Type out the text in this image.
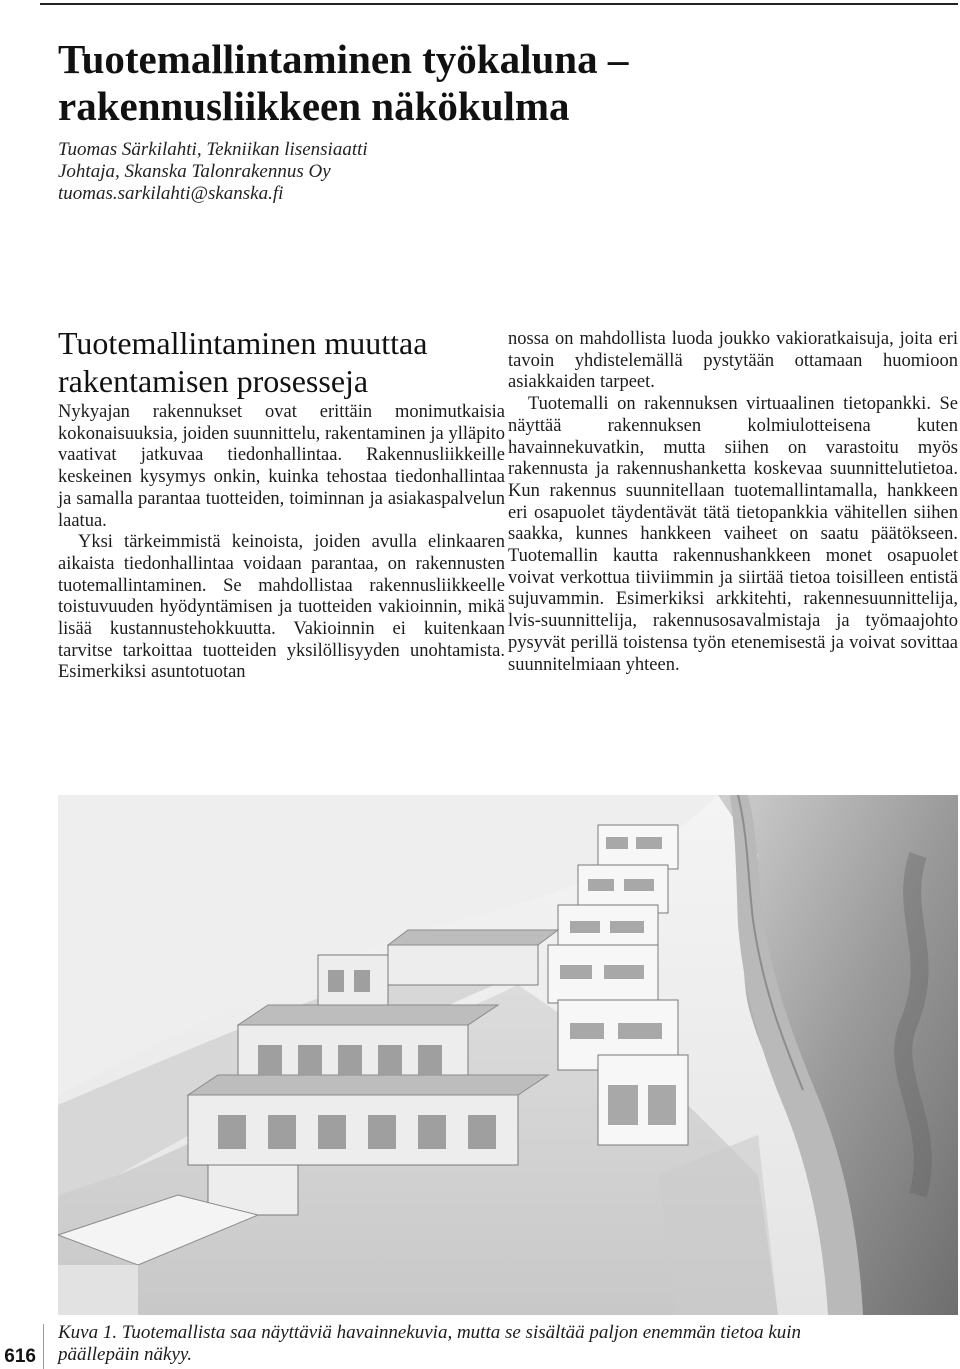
Tuotemallintaminen työkaluna –
rakennusliikkeen näkökulma
Tuomas Särkilahti, Tekniikan lisensiaatti
Johtaja, Skanska Talonrakennus Oy
tuomas.sarkilahti@skanska.fi
Tuotemallintaminen muuttaa
rakentamisen prosesseja

Nykyajan rakennukset ovat erittäin monimutkaisia kokonaisuuksia, joiden suunnittelu, rakentaminen ja ylläpito vaativat jatkuvaa tiedonhallintaa. Rakennusliikkeille keskeinen kysymys onkin, kuinka tehostaa tiedonhallintaa ja samalla parantaa tuotteiden, toiminnan ja asiakaspalvelun laatua.

Yksi tärkeimmistä keinoista, joiden avulla elinkaaren aikaista tiedonhallintaa voidaan parantaa, on rakennusten tuotemallintaminen. Se mahdollistaa rakennusliikkeelle toistuvuuden hyödyntämisen ja tuotteiden vakioinnin, mikä lisää kustannustehokkuutta. Vakioinnin ei kuitenkaan tarvitse tarkoittaa tuotteiden yksilöllisyyden unohtamista. Esimerkiksi asuntotuotan

nossa on mahdollista luoda joukko vakioratkaisuja, joita eri tavoin yhdistelemällä pystytään ottamaan huomioon asiakkaiden tarpeet.

Tuotemalli on rakennuksen virtuaalinen tietopankki. Se näyttää rakennuksen kolmiulotteisena kuten havainnekuvatkin, mutta siihen on varastoitu myös rakennusta ja rakennushanketta koskevaa suunnittelutietoa. Kun rakennus suunnitellaan tuotemallintamalla, hankkeen eri osapuolet täydentävät tätä tietopankkia vähitellen siihen saakka, kunnes hankkeen vaiheet on saatu päätökseen. Tuotemallin kautta rakennushankkeen monet osapuolet voivat verkottua tiiviimmin ja siirtää tietoa toisilleen entistä sujuvammin. Esimerkiksi arkkitehti, rakennesuunnittelija, lvis-suunnittelija, rakennusosavalmistaja ja työmaajohto pysyvät perillä toistensa työn etenemisestä ja voivat sovittaa suunnitelmiaan yhteen.

Kuva 1. Tuotemallista saa näyttäviä havainnekuvia, mutta se sisältää paljon enemmän tietoa kuin
päällepäin näkyy.
616
